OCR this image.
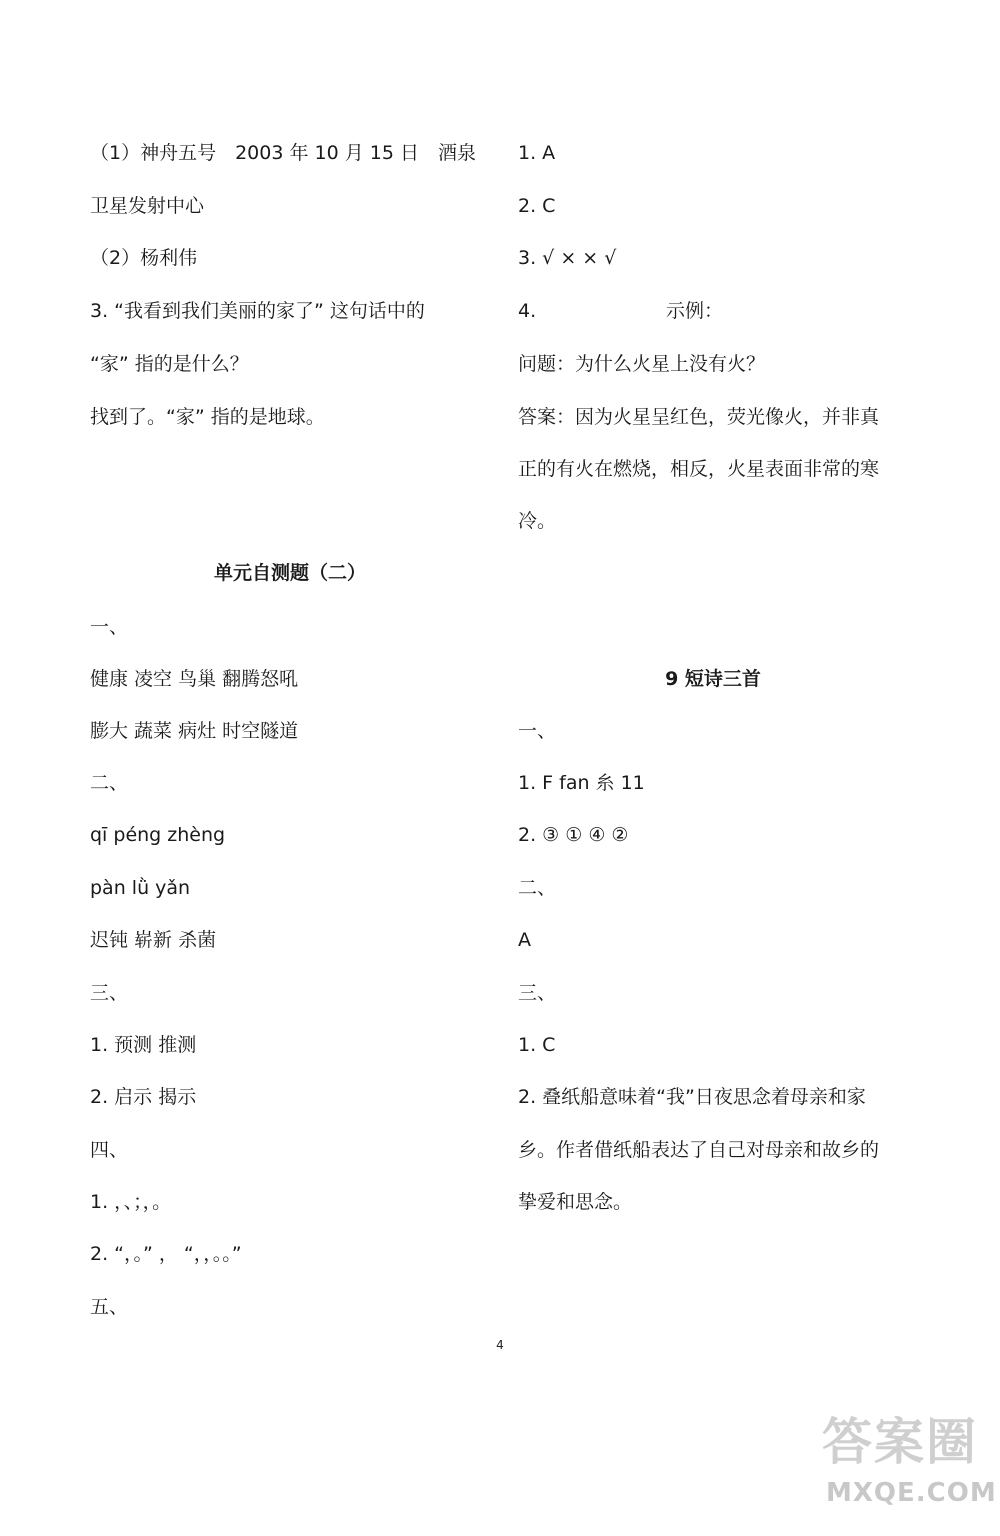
（1）神舟五号　2003 年 10 月 15 日　酒泉
卫星发射中心
（2）杨利伟
3. “我看到我们美丽的家了” 这句话中的
“家” 指的是什么？
找到了。“家” 指的是地球。
单元自测题（二）
一、
健康 凌空 鸟巢 翻腾怒吼
膨大 蔬菜 病灶 时空隧道
二、
qī péng zhèng
pàn lǜ yǎn
迟钝 崭新 杀菌
三、
1. 预测 推测
2. 启示 揭示
四、
1. ，、；，。
2. “，。” ， “，，。。”
五、
1. A
2. C
3. √ × × √
4.	示例：
问题：为什么火星上没有火？
答案：因为火星呈红色，荧光像火，并非真
正的有火在燃烧，相反，火星表面非常的寒
冷。
9 短诗三首
一、
1. F fan 糸 11
2. ③ ① ④ ②
二、
A
三、
1. C
2. 叠纸船意味着“我”日夜思念着母亲和家
乡。作者借纸船表达了自己对母亲和故乡的
挚爱和思念。
4
答案圈
MXQE.COM
